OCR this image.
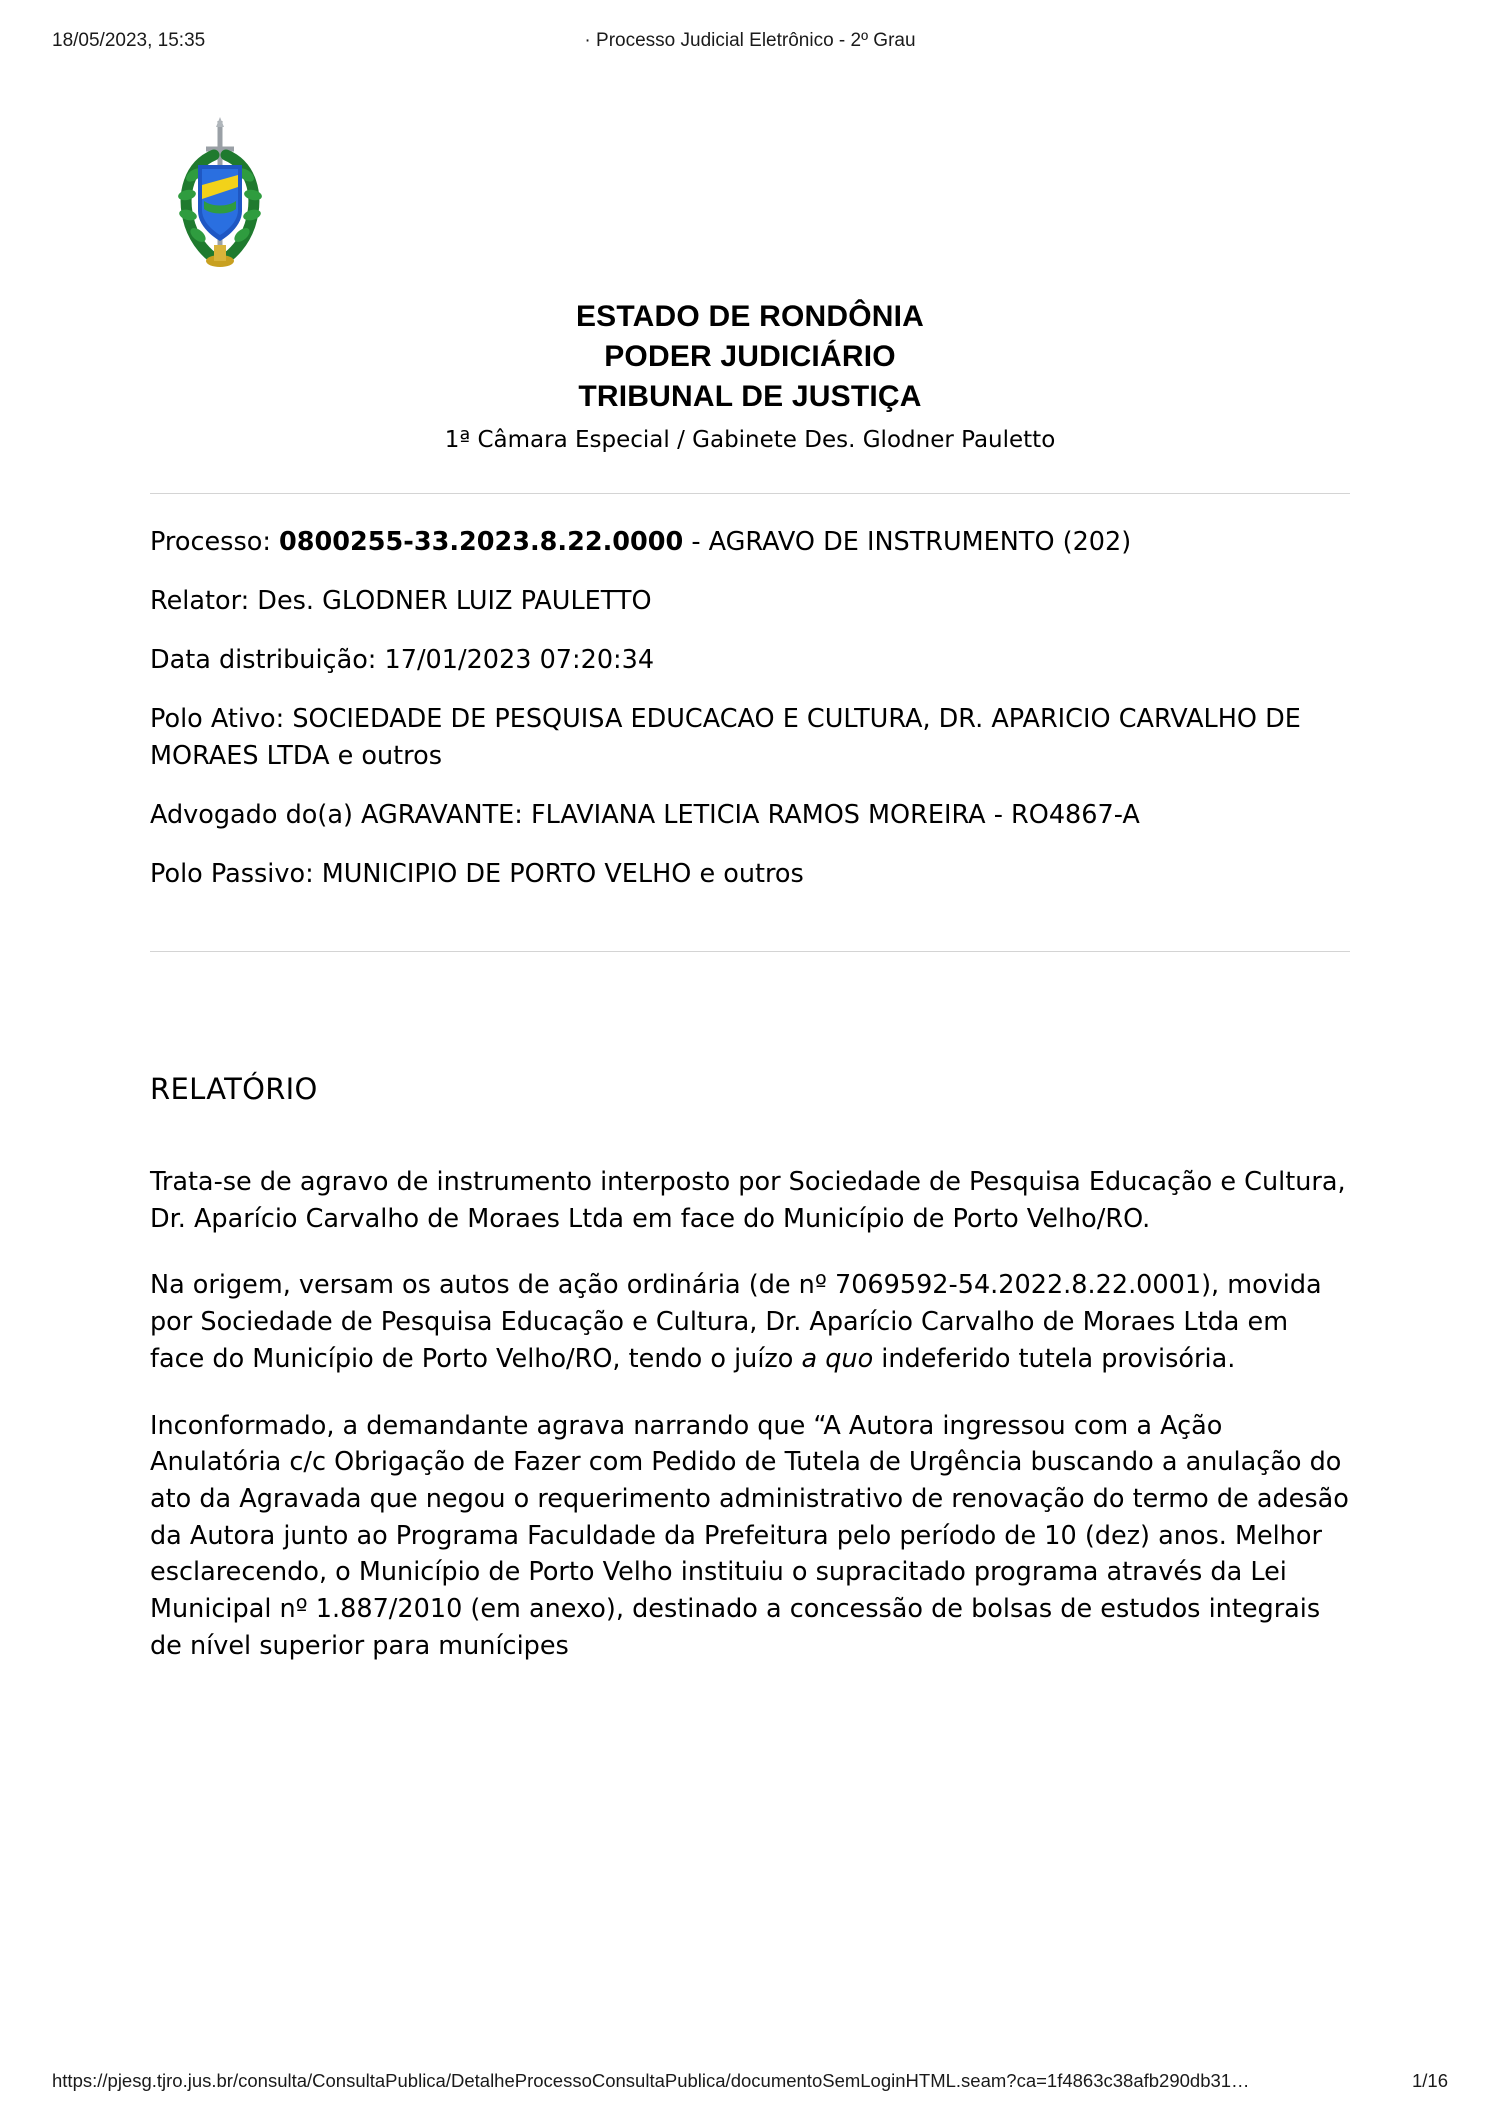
18/05/2023, 15:35	· Processo Judicial Eletrônico - 2º Grau
ESTADO DE RONDÔNIA
PODER JUDICIÁRIO
TRIBUNAL DE JUSTIÇA
1ª Câmara Especial / Gabinete Des. Glodner Pauletto

Processo: 0800255-33.2023.8.22.0000 - AGRAVO DE INSTRUMENTO (202)

Relator: Des. GLODNER LUIZ PAULETTO

Data distribuição: 17/01/2023 07:20:34

Polo Ativo: SOCIEDADE DE PESQUISA EDUCACAO E CULTURA, DR. APARICIO CARVALHO DE MORAES LTDA e outros

Advogado do(a) AGRAVANTE: FLAVIANA LETICIA RAMOS MOREIRA - RO4867-A

Polo Passivo: MUNICIPIO DE PORTO VELHO e outros

RELATÓRIO

Trata-se de agravo de instrumento interposto por Sociedade de Pesquisa Educação e Cultura, Dr. Aparício Carvalho de Moraes Ltda em face do Município de Porto Velho/RO.

Na origem, versam os autos de ação ordinária (de nº 7069592-54.2022.8.22.0001), movida por Sociedade de Pesquisa Educação e Cultura, Dr. Aparício Carvalho de Moraes Ltda em face do Município de Porto Velho/RO, tendo o juízo a quo indeferido tutela provisória.

Inconformado, a demandante agrava narrando que “A Autora ingressou com a Ação Anulatória c/c Obrigação de Fazer com Pedido de Tutela de Urgência buscando a anulação do ato da Agravada que negou o requerimento administrativo de renovação do termo de adesão da Autora junto ao Programa Faculdade da Prefeitura pelo período de 10 (dez) anos. Melhor esclarecendo, o Município de Porto Velho instituiu o supracitado programa através da Lei Municipal nº 1.887/2010 (em anexo), destinado a concessão de bolsas de estudos integrais de nível superior para munícipes

https://pjesg.tjro.jus.br/consulta/ConsultaPublica/DetalheProcessoConsultaPublica/documentoSemLoginHTML.seam?ca=1f4863c38afb290db31…	1/16
